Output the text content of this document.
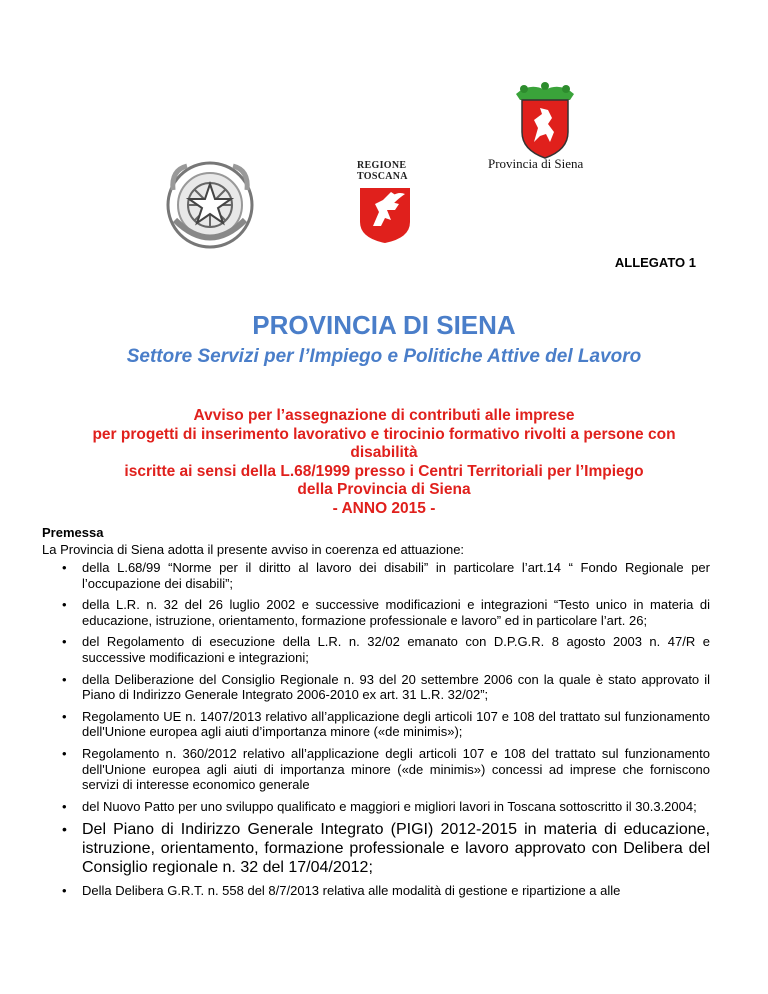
REGIONE
TOSCANA
Provincia di Siena
ALLEGATO 1
PROVINCIA DI SIENA
Settore Servizi per l’Impiego e Politiche Attive del Lavoro
Avviso per l’assegnazione di contributi alle imprese
per progetti di inserimento lavorativo e tirocinio formativo rivolti a persone con
disabilità
iscritte ai sensi della L.68/1999 presso i Centri Territoriali per l’Impiego
della Provincia di Siena
- ANNO 2015 -
Premessa
La Provincia di Siena adotta il presente avviso in coerenza ed attuazione:
• della L.68/99 “Norme per il diritto al lavoro dei disabili” in particolare l’art.14 “ Fondo Regionale per l’occupazione dei disabili”;
• della L.R. n. 32 del 26 luglio 2002 e successive modificazioni e integrazioni “Testo unico in materia di educazione, istruzione, orientamento, formazione professionale e lavoro” ed in particolare l’art. 26;
• del Regolamento di esecuzione della L.R. n. 32/02 emanato con D.P.G.R. 8 agosto 2003 n. 47/R e successive modificazioni e integrazioni;
• della Deliberazione del Consiglio Regionale n. 93 del 20 settembre 2006 con la quale è stato approvato il Piano di Indirizzo Generale Integrato 2006-2010 ex art. 31 L.R. 32/02”;
• Regolamento UE n. 1407/2013 relativo all’applicazione degli articoli 107 e 108 del trattato sul funzionamento dell'Unione europea agli aiuti d’importanza minore («de minimis»);
• Regolamento n. 360/2012 relativo all’applicazione degli articoli 107 e 108 del trattato sul funzionamento dell'Unione europea agli aiuti di importanza minore («de minimis») concessi ad imprese che forniscono servizi di interesse economico generale
• del Nuovo Patto per uno sviluppo qualificato e maggiori e migliori lavori in Toscana sottoscritto il 30.3.2004;
• Del Piano di Indirizzo Generale Integrato (PIGI) 2012-2015 in materia di educazione, istruzione, orientamento, formazione professionale e lavoro approvato con Delibera del Consiglio regionale n. 32 del 17/04/2012;
• Della Delibera G.R.T. n. 558 del 8/7/2013 relativa alle modalità di gestione e ripartizione a alle
